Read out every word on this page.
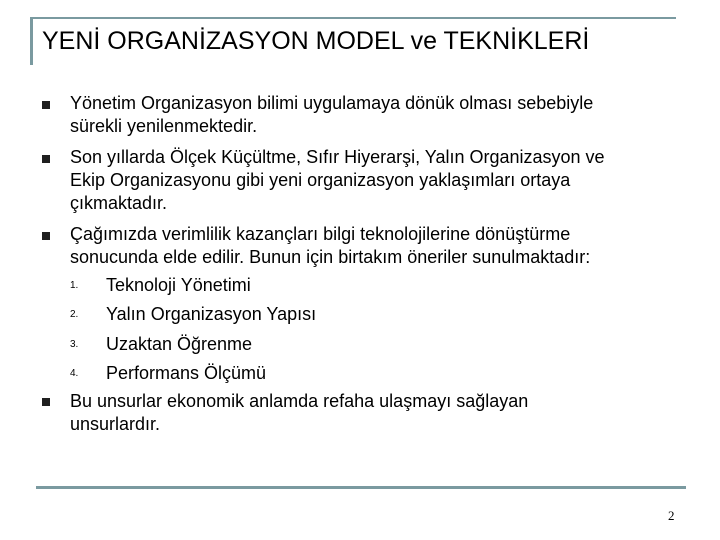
YENİ ORGANİZASYON MODEL ve TEKNİKLERİ
Yönetim Organizasyon bilimi uygulamaya dönük olması sebebiyle
sürekli yenilenmektedir.
Son yıllarda Ölçek Küçültme, Sıfır Hiyerarşi, Yalın Organizasyon ve
Ekip Organizasyonu gibi yeni organizasyon yaklaşımları ortaya
çıkmaktadır.
Çağımızda verimlilik kazançları bilgi teknolojilerine dönüştürme
sonucunda elde edilir. Bunun için birtakım öneriler sunulmaktadır:
1. Teknoloji Yönetimi
2. Yalın Organizasyon Yapısı
3. Uzaktan Öğrenme
4. Performans Ölçümü
Bu unsurlar ekonomik anlamda refaha ulaşmayı sağlayan
unsurlardır.
2
